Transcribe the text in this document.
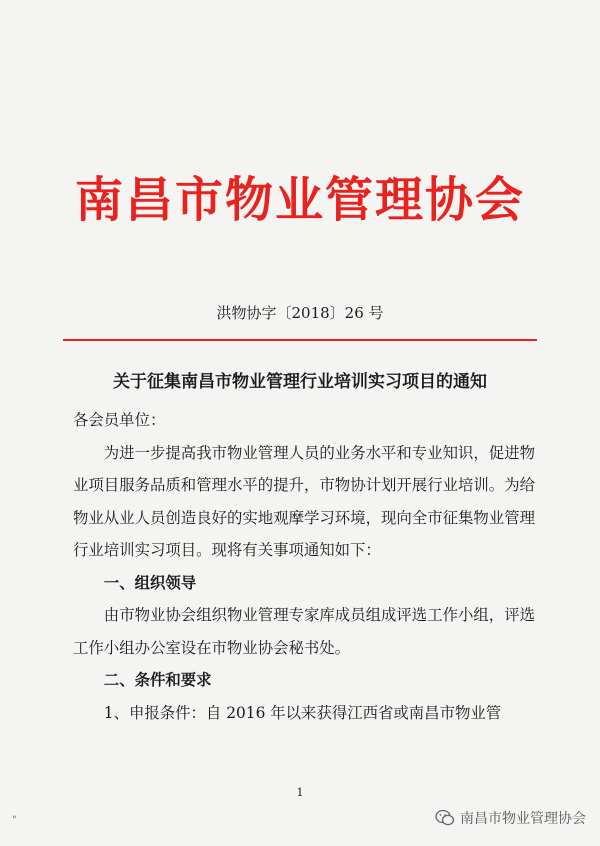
南昌市物业管理协会
洪物协字〔2018〕26 号
关于征集南昌市物业管理行业培训实习项目的通知

各会员单位：

为进一步提高我市物业管理人员的业务水平和专业知识，促进物业项目服务品质和管理水平的提升，市物协计划开展行业培训。为给物业从业人员创造良好的实地观摩学习环境，现向全市征集物业管理行业培训实习项目。现将有关事项通知如下：

一、组织领导

由市物业协会组织物业管理专家库成员组成评选工作小组，评选工作小组办公室设在市物业协会秘书处。

二、条件和要求

1、申报条件：自 2016 年以来获得江西省或南昌市物业管

1
"	南昌市物业管理协会
